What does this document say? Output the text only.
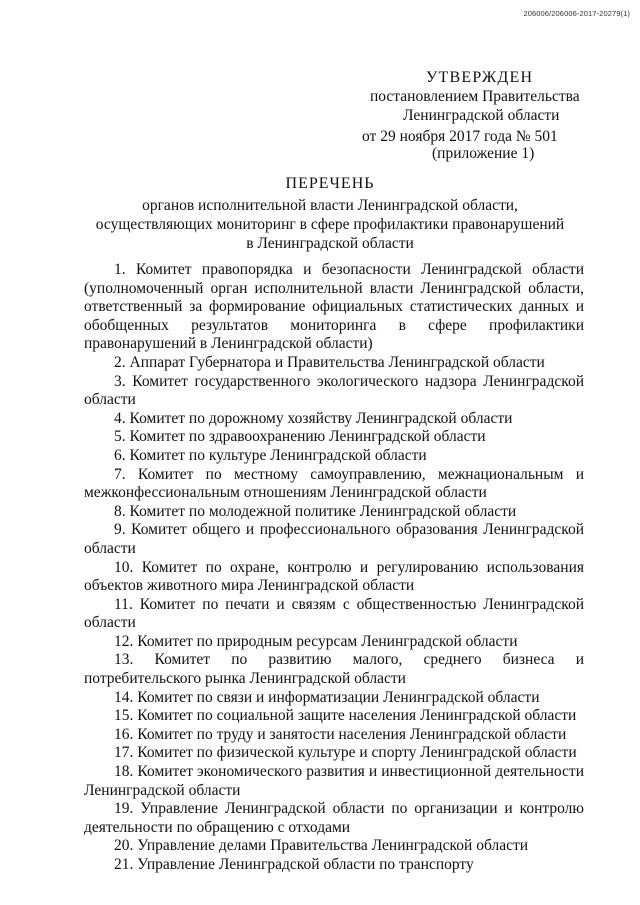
206006/206006-2017-20279(1)
УТВЕРЖДЕН
постановлением Правительства
Ленинградской области
от 29 ноября 2017 года № 501
(приложение 1)
ПЕРЕЧЕНЬ
органов исполнительной власти Ленинградской области,
осуществляющих мониторинг в сфере профилактики правонарушений
в Ленинградской области
1. Комитет правопорядка и безопасности Ленинградской области (уполномоченный орган исполнительной власти Ленинградской области, ответственный за формирование официальных статистических данных и обобщенных результатов мониторинга в сфере профилактики правонарушений в Ленинградской области)
2. Аппарат Губернатора и Правительства Ленинградской области
3. Комитет государственного экологического надзора Ленинградской области
4. Комитет по дорожному хозяйству Ленинградской области
5. Комитет по здравоохранению Ленинградской области
6. Комитет по культуре Ленинградской области
7. Комитет по местному самоуправлению, межнациональным и межконфессиональным отношениям Ленинградской области
8. Комитет по молодежной политике Ленинградской области
9. Комитет общего и профессионального образования Ленинградской области
10. Комитет по охране, контролю и регулированию использования объектов животного мира Ленинградской области
11. Комитет по печати и связям с общественностью Ленинградской области
12. Комитет по природным ресурсам Ленинградской области
13. Комитет по развитию малого, среднего бизнеса и потребительского рынка Ленинградской области
14. Комитет по связи и информатизации Ленинградской области
15. Комитет по социальной защите населения Ленинградской области
16. Комитет по труду и занятости населения Ленинградской области
17. Комитет по физической культуре и спорту Ленинградской области
18. Комитет экономического развития и инвестиционной деятельности Ленинградской области
19. Управление Ленинградской области по организации и контролю деятельности по обращению с отходами
20. Управление делами Правительства Ленинградской области
21. Управление Ленинградской области по транспорту
